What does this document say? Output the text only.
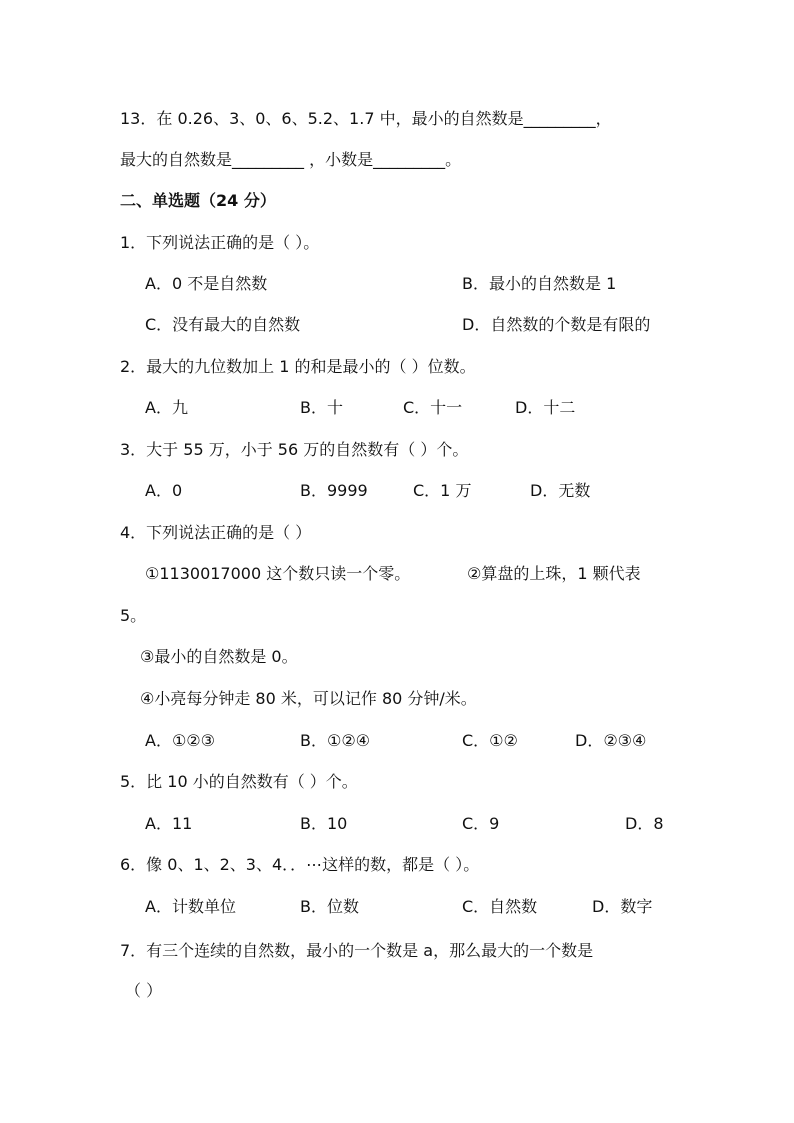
13．在 0.26、3、0、6、5.2、1.7 中，最小的自然数是_________，
最大的自然数是_________ ，小数是_________。
二、单选题（24 分）
1．下列说法正确的是（ ）。
A．0 不是自然数	B．最小的自然数是 1
C．没有最大的自然数	D．自然数的个数是有限的
2．最大的九位数加上 1 的和是最小的（ ）位数。
A．九	B．十	C．十一	D．十二
3．大于 55 万，小于 56 万的自然数有（ ）个。
A．0	B．9999	C．1 万	D．无数
4．下列说法正确的是（ ）
①1130017000 这个数只读一个零。	②算盘的上珠，1 颗代表
5。
③最小的自然数是 0。
④小亮每分钟走 80 米，可以记作 80 分钟/米。
A．①②③	B．①②④	C．①②	D．②③④
5．比 10 小的自然数有（ ）个。
A．11	B．10	C．9	D．8
6．像 0、1、2、3、4．．⋯这样的数，都是（ ）。
A．计数单位	B．位数	C．自然数	D．数字
7．有三个连续的自然数，最小的一个数是 a，那么最大的一个数是
（ ）
